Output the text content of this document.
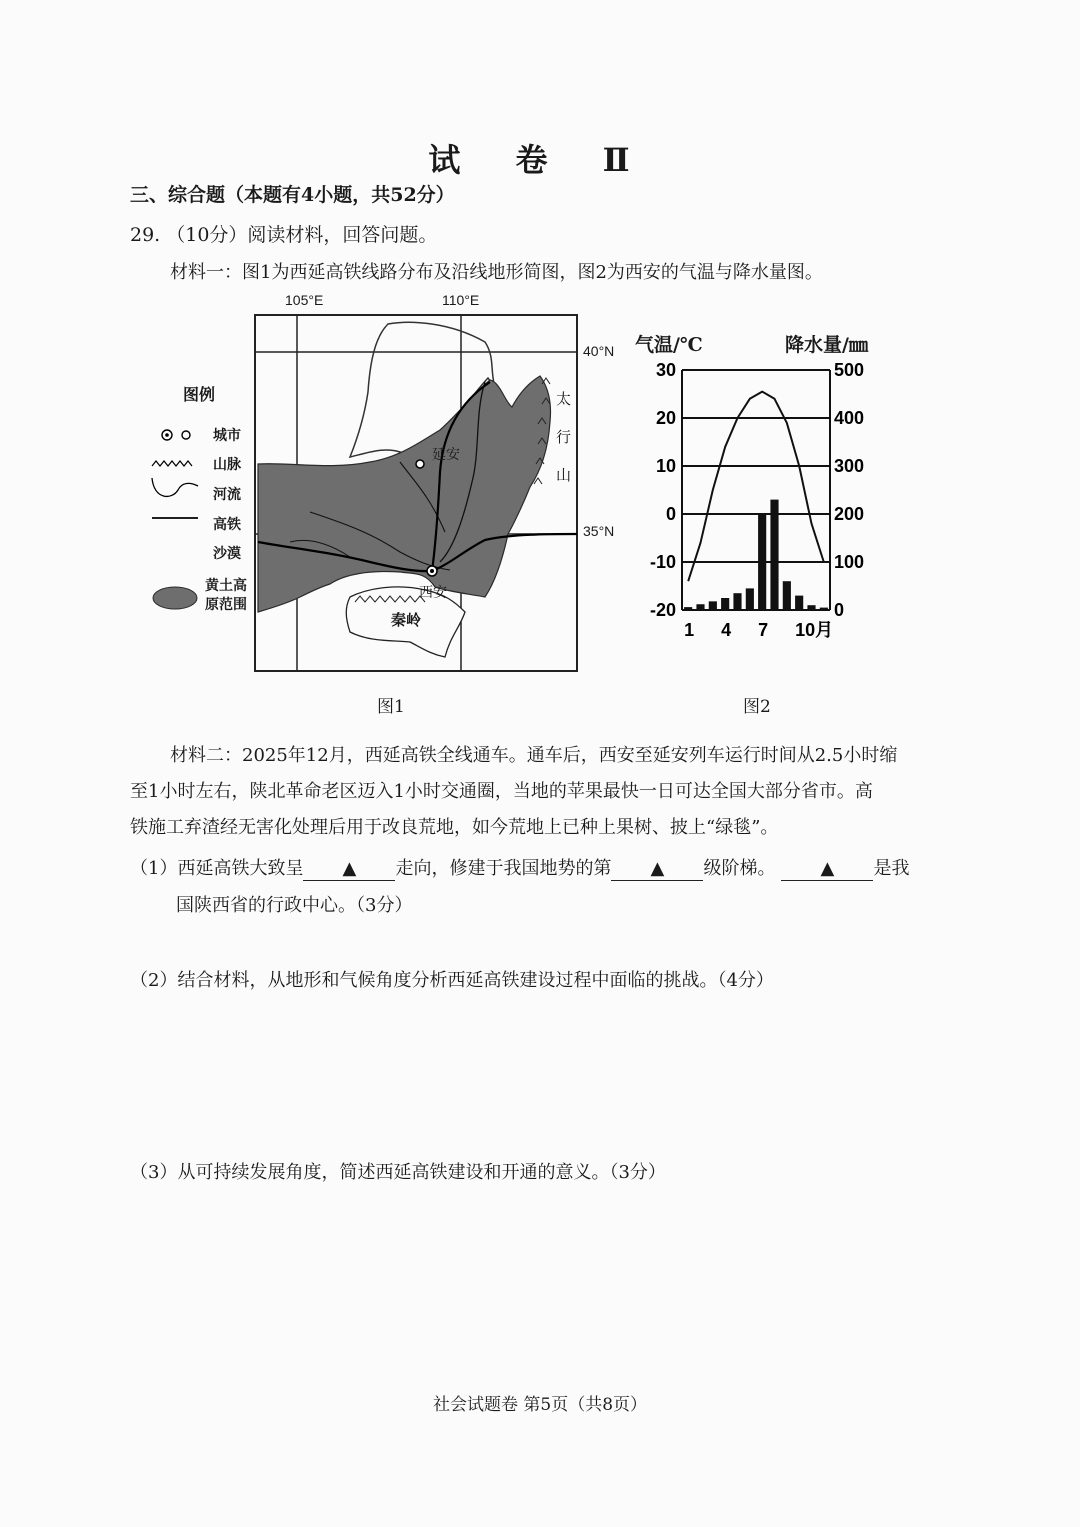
试 卷 Ⅱ
三、综合题（本题有4小题，共52分）
29. （10分）阅读材料，回答问题。
材料一：图1为西延高铁线路分布及沿线地形简图，图2为西安的气温与降水量图。
105°E	110°E
40°N
35°N
延安
西安
秦岭
太
行
山
图例
城市
山脉
河流
高铁
沙漠
黄土高
原范围
图1
气温/℃	降水量/㎜
30
20
10
0
-10
-20
500
400
300
200
100
0
1 4 7 10月
图2
材料二：2025年12月，西延高铁全线通车。通车后，西安至延安列车运行时间从2.5小时缩
至1小时左右，陕北革命老区迈入1小时交通圈，当地的苹果最快一日可达全国大部分省市。高
铁施工弃渣经无害化处理后用于改良荒地，如今荒地上已种上果树、披上“绿毯”。
（1）西延高铁大致呈 ▲ 走向，修建于我国地势的第 ▲ 级阶梯。	▲ 是我
国陕西省的行政中心。（3分）
（2）结合材料，从地形和气候角度分析西延高铁建设过程中面临的挑战。（4分）
（3）从可持续发展角度，简述西延高铁建设和开通的意义。（3分）
社会试题卷 第5页（共8页）
